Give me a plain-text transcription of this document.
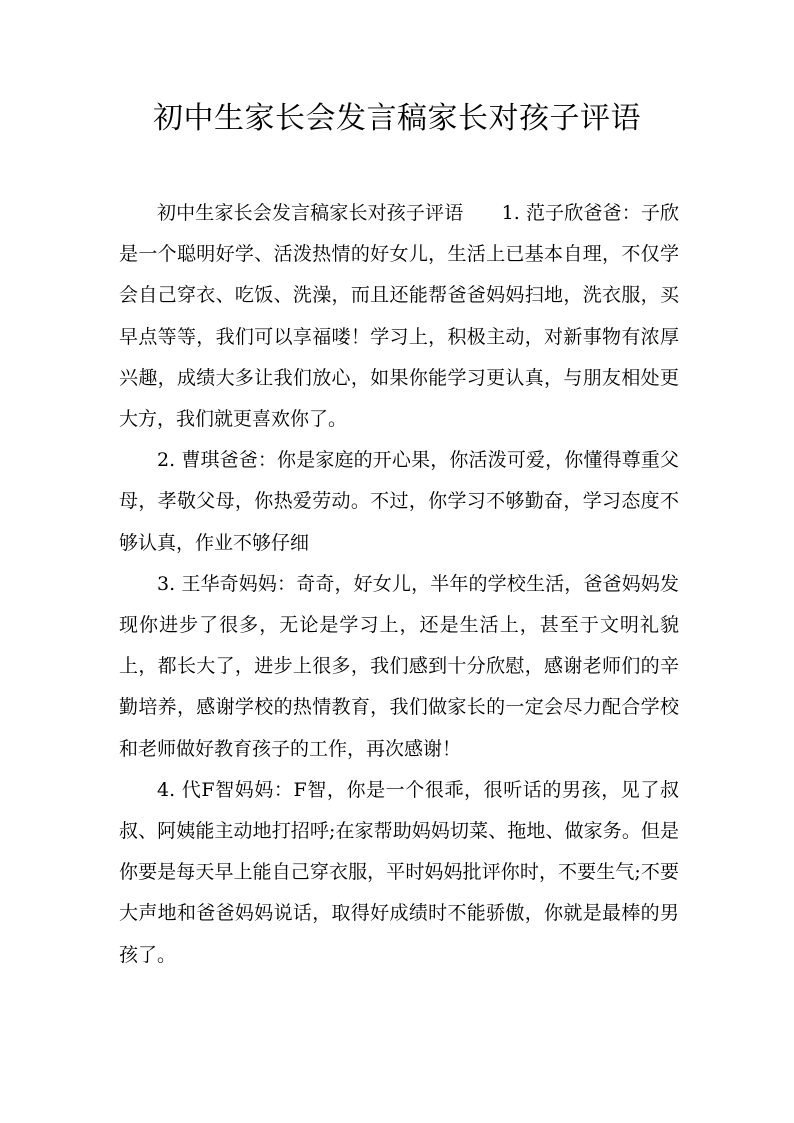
初中生家长会发言稿家长对孩子评语

初中生家长会发言稿家长对孩子评语　　1. 范子欣爸爸：子欣是一个聪明好学、活泼热情的好女儿，生活上已基本自理，不仅学会自己穿衣、吃饭、洗澡，而且还能帮爸爸妈妈扫地，洗衣服，买早点等等，我们可以享福喽！学习上，积极主动，对新事物有浓厚兴趣，成绩大多让我们放心，如果你能学习更认真，与朋友相处更大方，我们就更喜欢你了。

2. 曹琪爸爸：你是家庭的开心果，你活泼可爱，你懂得尊重父母，孝敬父母，你热爱劳动。不过，你学习不够勤奋，学习态度不够认真，作业不够仔细

3. 王华奇妈妈：奇奇，好女儿，半年的学校生活，爸爸妈妈发现你进步了很多，无论是学习上，还是生活上，甚至于文明礼貌上，都长大了，进步上很多，我们感到十分欣慰，感谢老师们的辛勤培养，感谢学校的热情教育，我们做家长的一定会尽力配合学校和老师做好教育孩子的工作，再次感谢！

4. 代F智妈妈：F智，你是一个很乖，很听话的男孩，见了叔叔、阿姨能主动地打招呼;在家帮助妈妈切菜、拖地、做家务。但是你要是每天早上能自己穿衣服，平时妈妈批评你时，不要生气;不要大声地和爸爸妈妈说话，取得好成绩时不能骄傲，你就是最棒的男孩了。
